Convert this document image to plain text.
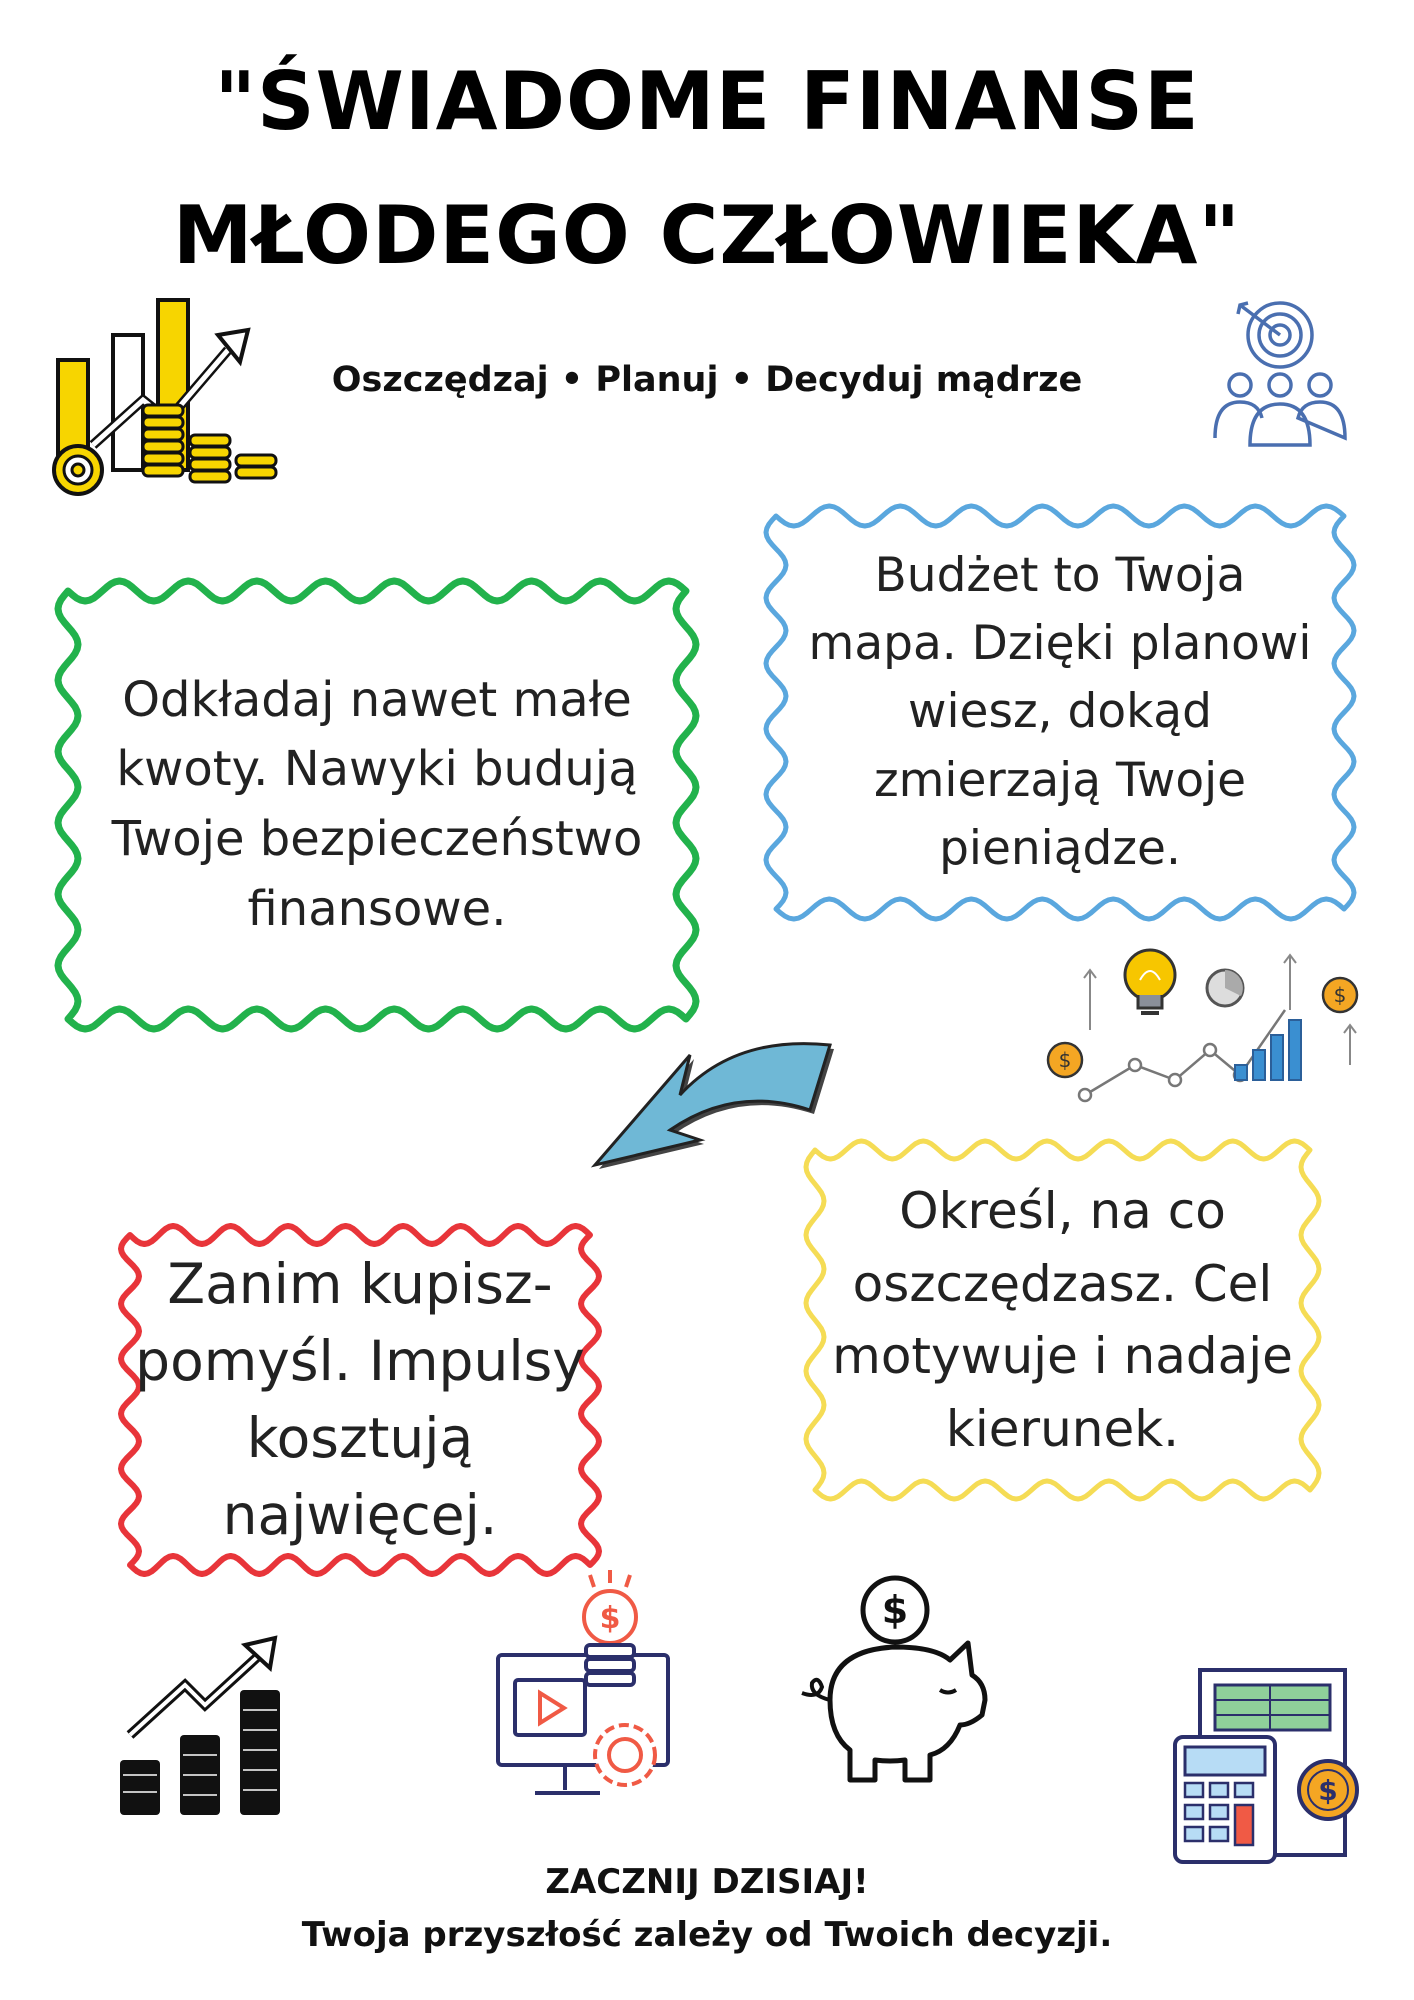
"ŚWIADOME FINANSE
MŁODEGO CZŁOWIEKA"
Oszczędzaj • Planuj • Decyduj mądrze
Odkładaj nawet małe kwoty. Nawyki budują Twoje bezpieczeństwo finansowe.
Budżet to Twoja mapa. Dzięki planowi wiesz, dokąd zmierzają Twoje pieniądze.
$
$
Określ, na co oszczędzasz. Cel motywuje i nadaje kierunek.
Zanim kupisz- pomyśl. Impulsy kosztują najwięcej.
$	$
$
ZACZNIJ DZISIAJ!
Twoja przyszłość zależy od Twoich decyzji.
